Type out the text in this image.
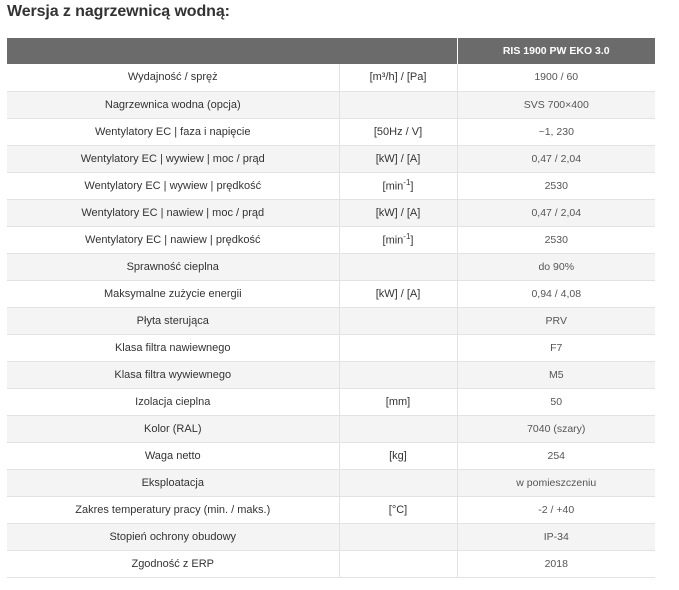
Wersja z nagrzewnicą wodną:
		RIS 1900 PW EKO 3.0
Wydajność / spręż	[m³/h] / [Pa]	1900 / 60
Nagrzewnica wodna (opcja)		SVS 700×400
Wentylatory EC | faza i napięcie	[50Hz / V]	~1, 230
Wentylatory EC | wywiew | moc / prąd	[kW] / [A]	0,47 / 2,04
Wentylatory EC | wywiew | prędkość	$[\min^{-1}]$	2530
Wentylatory EC | nawiew | moc / prąd	[kW] / [A]	0,47 / 2,04
Wentylatory EC | nawiew | prędkość	$[\min^{-1}]$	2530
Sprawność cieplna		do 90%
Maksymalne zużycie energii	[kW] / [A]	0,94 / 4,08
Płyta sterująca		PRV
Klasa filtra nawiewnego		F7
Klasa filtra wywiewnego		M5
Izolacja cieplna	[mm]	50
Kolor (RAL)		7040 (szary)
Waga netto	[kg]	254
Eksploatacja		w pomieszczeniu
Zakres temperatury pracy (min. / maks.)	[°C]	-2 / +40
Stopień ochrony obudowy		IP-34
Zgodność z ERP		2018
